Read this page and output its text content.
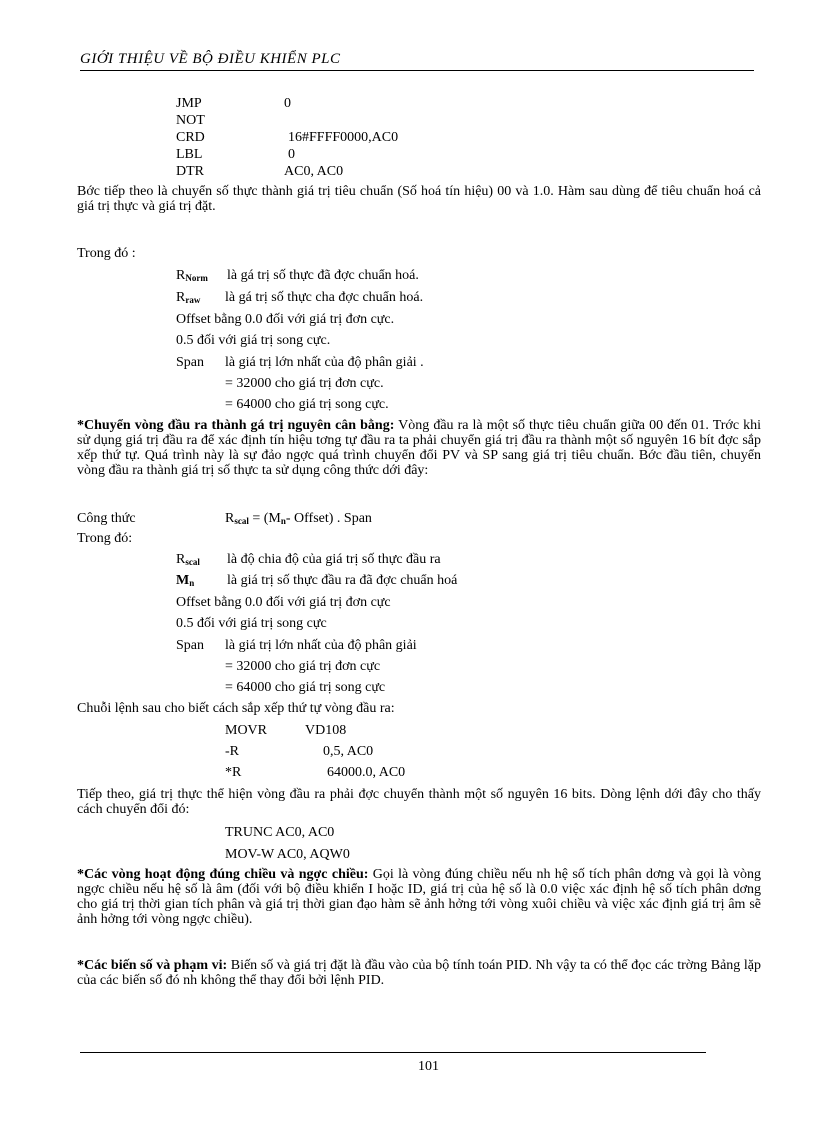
GIỚI THIỆU VỀ BỘ ĐIỀU KHIỂN PLC
JMP	0
NOT
CRD	16#FFFF0000,AC0
LBL	0
DTR	AC0, AC0
Bớc tiếp theo là chuyển số thực thành giá trị tiêu chuẩn (Số hoá tín hiệu) 00 và 1.0. Hàm sau dùng để tiêu chuẩn hoá cả giá trị thực và giá trị đặt.
Trong đó :
$R_{Norm}$ là gá trị số thực đã đợc chuẩn hoá.
$R_{raw}$ là gá trị số thực cha đợc chuẩn hoá.
Offset bằng 0.0 đối với giá trị đơn cực.
0.5 đối với giá trị song cực.
Span là giá trị lớn nhất của độ phân giải .
= 32000 cho giá trị đơn cực.
= 64000 cho giá trị song cực.
*Chuyển vòng đầu ra thành gá trị nguyên cân bằng: Vòng đầu ra là một số thực tiêu chuẩn giữa 00 đến 01. Trớc khi sử dụng giá trị đầu ra để xác định tín hiệu tơng tự đầu ra ta phải chuyển giá trị đầu ra thành một số nguyên 16 bít đợc sắp xếp thứ tự. Quá trình này là sự đảo ngợc quá trình chuyển đổi PV và SP sang giá trị tiêu chuẩn. Bớc đầu tiên, chuyển vòng đầu ra thành giá trị số thực ta sử dụng công thức dới đây:
Công thức	$R_{scal} = (M_n-$ Offset) . Span
Trong đó:
$R_{scal}$ là độ chia độ của giá trị số thực đầu ra
$M_n$ là giá trị số thực đầu ra đã đợc chuẩn hoá
Offset bằng 0.0 đối với giá trị đơn cực
0.5 đối với giá trị song cực
Span là giá trị lớn nhất của độ phân giải
= 32000 cho giá trị đơn cực
= 64000 cho giá trị song cực
Chuỗi lệnh sau cho biết cách sắp xếp thứ tự vòng đầu ra:
MOVR	VD108
-R	0,5, AC0
*R	64000.0, AC0
Tiếp theo, giá trị thực thể hiện vòng đầu ra phải đợc chuyển thành một số nguyên 16 bits. Dòng lệnh dới đây cho thấy cách chuyển đổi đó:
TRUNC AC0, AC0
MOV-W AC0, AQW0
*Các vòng hoạt động đúng chiều và ngợc chiều: Gọi là vòng đúng chiều nếu nh hệ số tích phân dơng và gọi là vòng ngợc chiều nếu hệ số là âm (đối với bộ điều khiển I hoặc ID, giá trị của hệ số là 0.0 việc xác định hệ số tích phân dơng cho giá trị thời gian tích phân và giá trị thời gian đạo hàm sẽ ảnh hởng tới vòng xuôi chiều và việc xác định giá trị âm sẽ ảnh hởng tới vòng ngợc chiều).
*Các biến số và phạm vi: Biến số và giá trị đặt là đầu vào của bộ tính toán PID. Nh vậy ta có thể đọc các trờng Bảng lặp của các biến số đó nh không thể thay đổi bởi lệnh PID.
101
